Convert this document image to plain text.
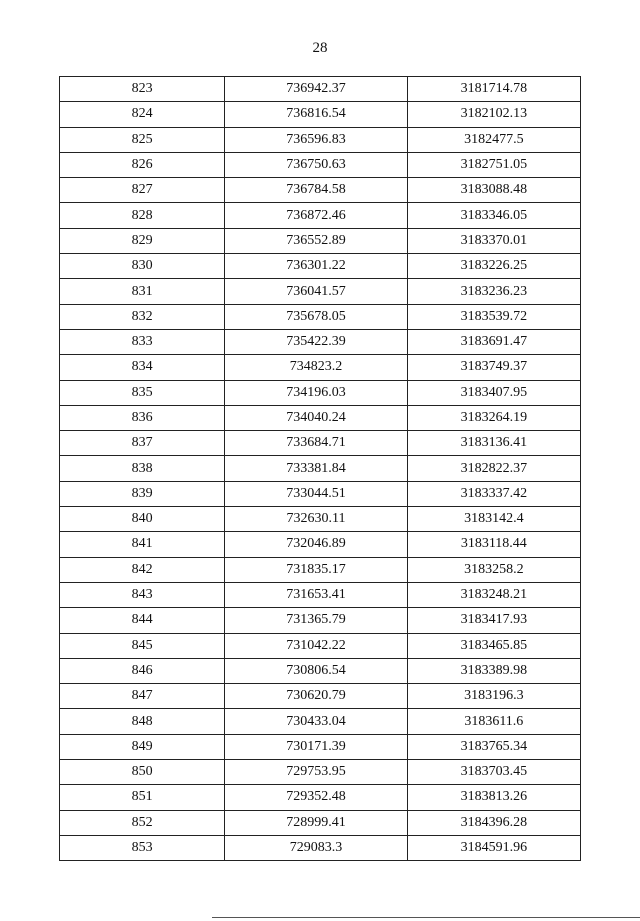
28
823	736942.37	3181714.78
824	736816.54	3182102.13
825	736596.83	3182477.5
826	736750.63	3182751.05
827	736784.58	3183088.48
828	736872.46	3183346.05
829	736552.89	3183370.01
830	736301.22	3183226.25
831	736041.57	3183236.23
832	735678.05	3183539.72
833	735422.39	3183691.47
834	734823.2	3183749.37
835	734196.03	3183407.95
836	734040.24	3183264.19
837	733684.71	3183136.41
838	733381.84	3182822.37
839	733044.51	3183337.42
840	732630.11	3183142.4
841	732046.89	3183118.44
842	731835.17	3183258.2
843	731653.41	3183248.21
844	731365.79	3183417.93
845	731042.22	3183465.85
846	730806.54	3183389.98
847	730620.79	3183196.3
848	730433.04	3183611.6
849	730171.39	3183765.34
850	729753.95	3183703.45
851	729352.48	3183813.26
852	728999.41	3184396.28
853	729083.3	3184591.96
